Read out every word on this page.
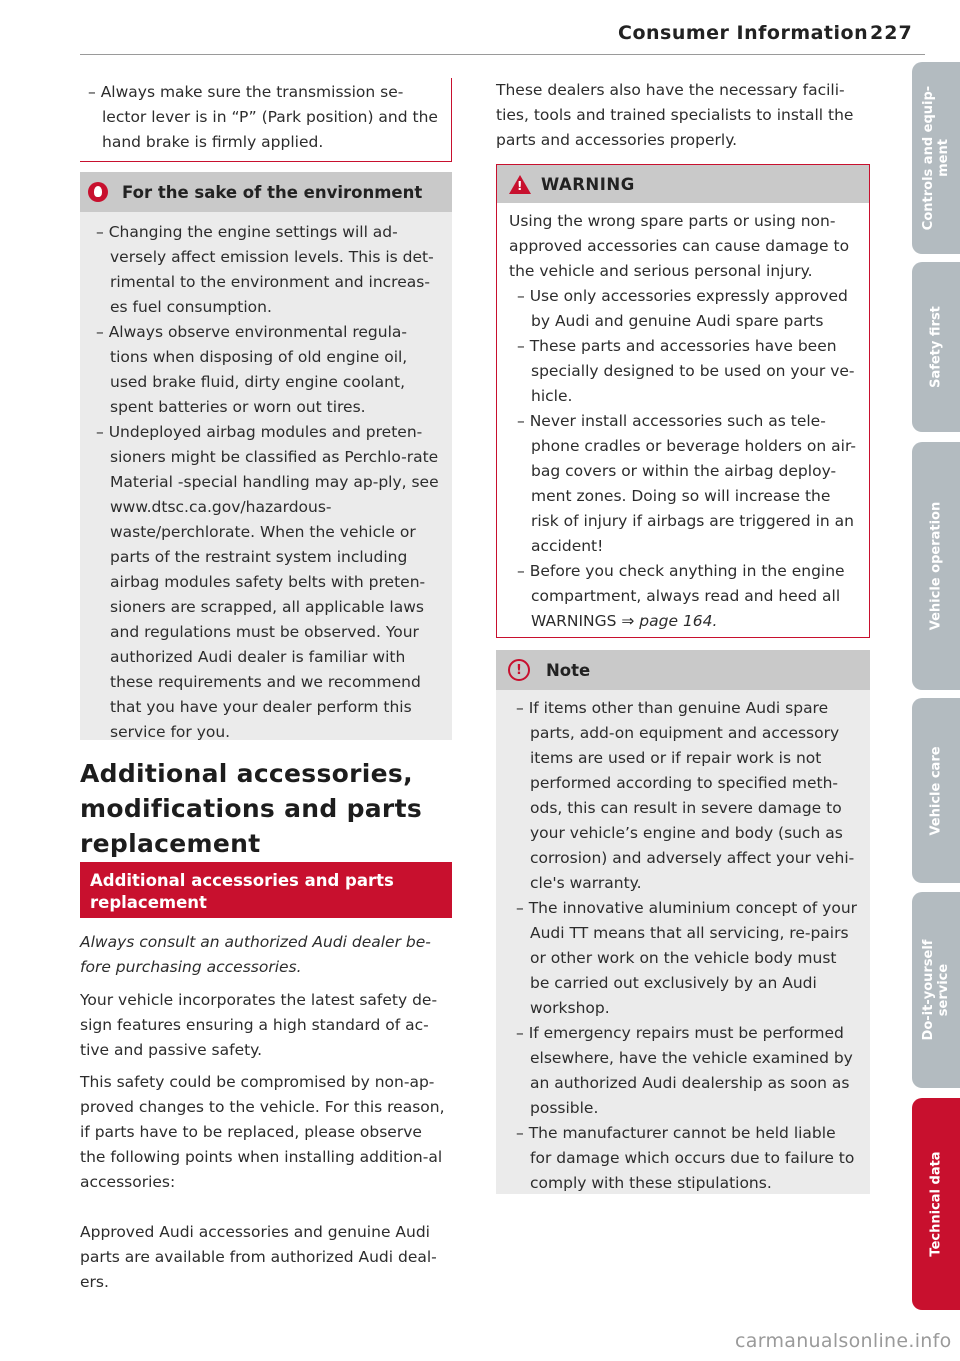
Consumer Information 227
– Always make sure the transmission se-lector lever is in “P” (Park position) and the hand brake is firmly applied.
For the sake of the environment
– Changing the engine settings will ad-versely affect emission levels. This is det-rimental to the environment and increas-es fuel consumption.
– Always observe environmental regula-tions when disposing of old engine oil, used brake fluid, dirty engine coolant, spent batteries or worn out tires.
– Undeployed airbag modules and preten-sioners might be classified as Perchlo-rate Material -special handling may ap-ply, see www.dtsc.ca.gov/hazardous-waste/perchlorate. When the vehicle or parts of the restraint system including airbag modules safety belts with preten-sioners are scrapped, all applicable laws and regulations must be observed. Your authorized Audi dealer is familiar with these requirements and we recommend that you have your dealer perform this service for you.
Additional accessories, modifications and parts replacement
Additional accessories and parts replacement

Always consult an authorized Audi dealer be-fore purchasing accessories.

Your vehicle incorporates the latest safety de-sign features ensuring a high standard of ac-tive and passive safety.

This safety could be compromised by non-ap-proved changes to the vehicle. For this reason, if parts have to be replaced, please observe the following points when installing addition-al accessories:

Approved Audi accessories and genuine Audi parts are available from authorized Audi deal-ers.

These dealers also have the necessary facili-ties, tools and trained specialists to install the parts and accessories properly.

!
WARNING

Using the wrong spare parts or using non-approved accessories can cause damage to the vehicle and serious personal injury.

– Use only accessories expressly approved by Audi and genuine Audi spare parts
– These parts and accessories have been specially designed to be used on your ve-hicle.
– Never install accessories such as tele-phone cradles or beverage holders on air-bag covers or within the airbag deploy-ment zones. Doing so will increase the risk of injury if airbags are triggered in an accident!
– Before you check anything in the engine compartment, always read and heed all WARNINGS ⇒ page 164.
!	Note
– If items other than genuine Audi spare parts, add-on equipment and accessory items are used or if repair work is not performed according to specified meth-ods, this can result in severe damage to your vehicle’s engine and body (such as corrosion) and adversely affect your vehi-cle's warranty.
– The innovative aluminium concept of your Audi TT means that all servicing, re-pairs or other work on the vehicle body must be carried out exclusively by an Audi workshop.
– If emergency repairs must be performed elsewhere, have the vehicle examined by an authorized Audi dealership as soon as possible.
– The manufacturer cannot be held liable for damage which occurs due to failure to comply with these stipulations.
Controls and equip-
ment
Safety first
Vehicle operation
Vehicle care
Do-it-yourself
service
Technical data
carmanualsonline.info
